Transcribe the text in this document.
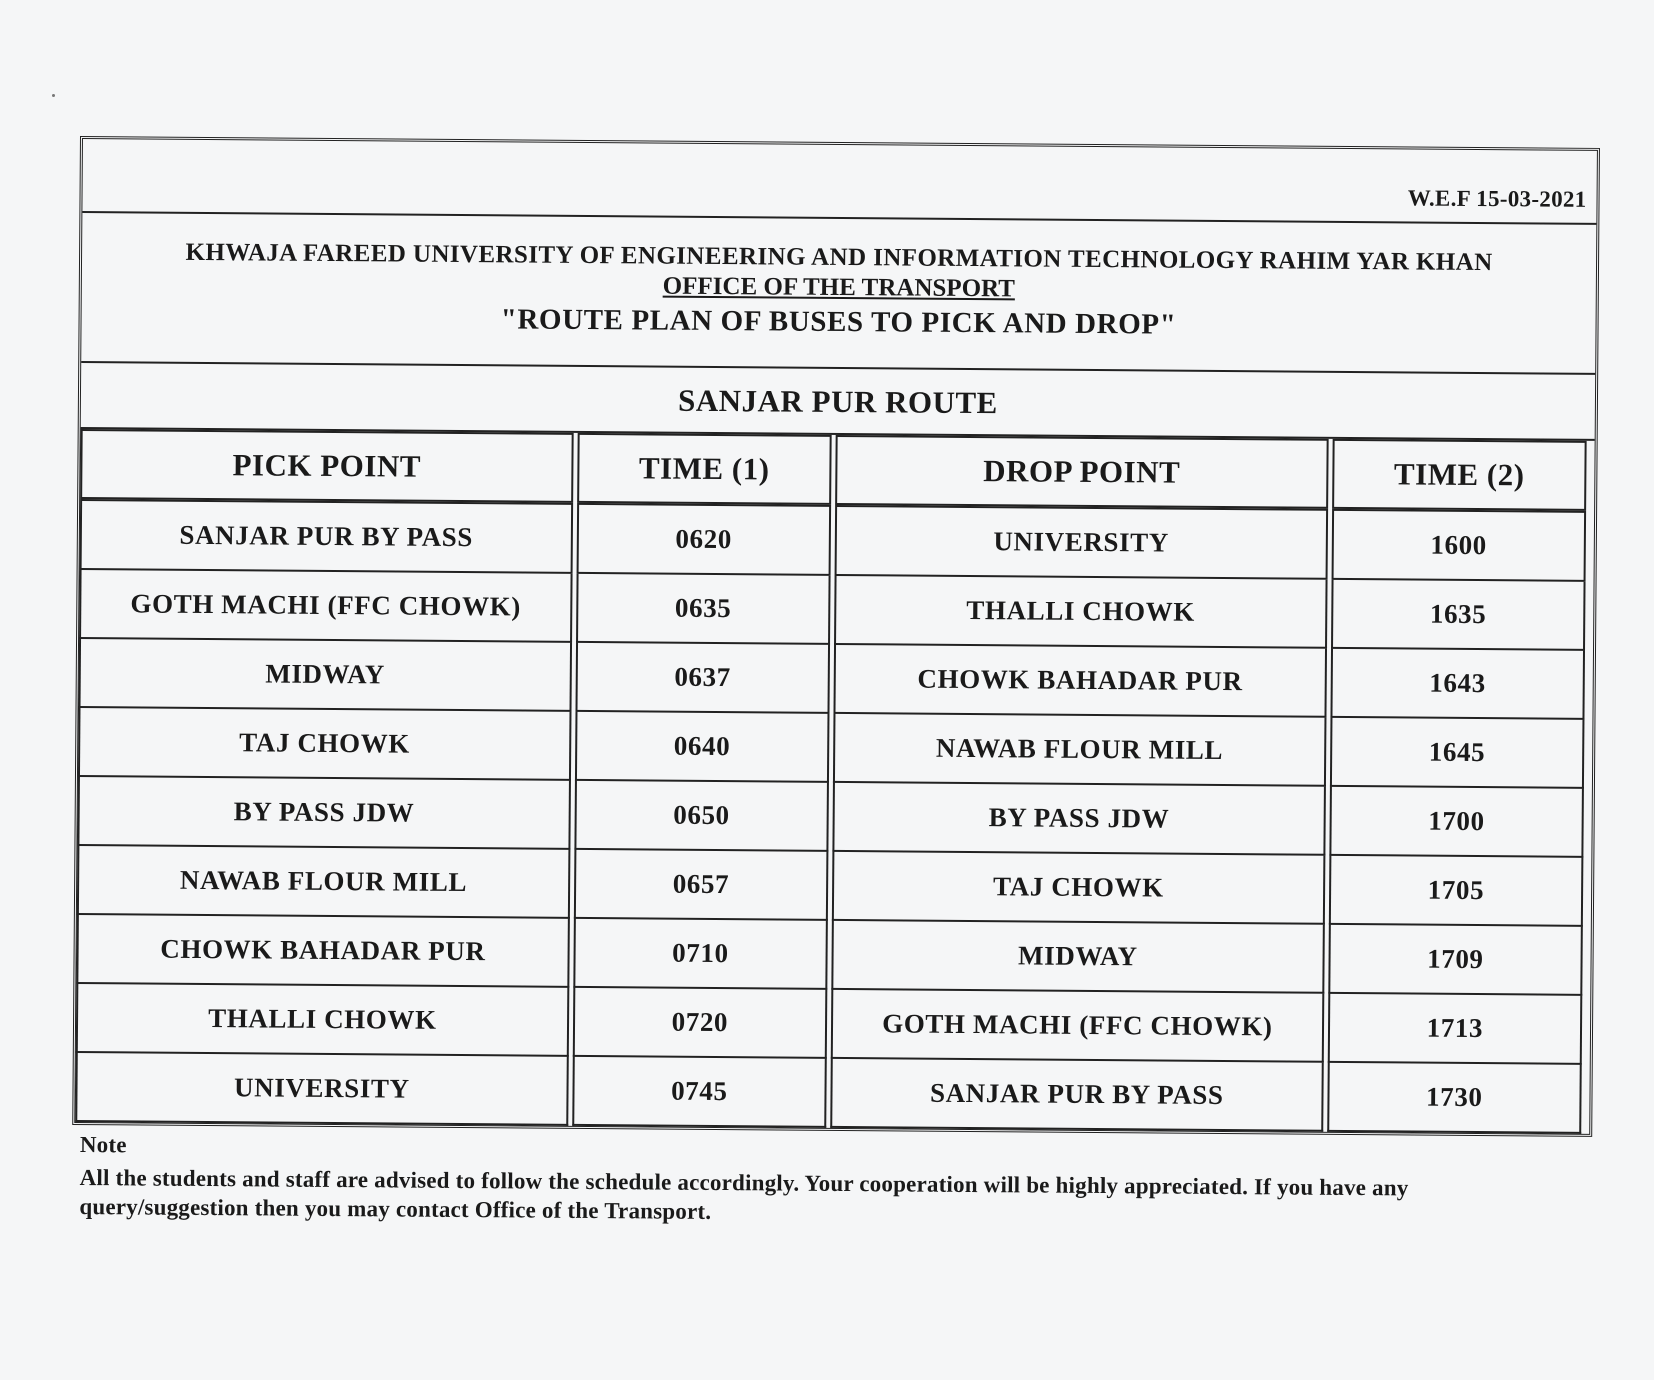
W.E.F 15-03-2021
KHWAJA FAREED UNIVERSITY OF ENGINEERING AND INFORMATION TECHNOLOGY RAHIM YAR KHAN
OFFICE OF THE TRANSPORT
"ROUTE PLAN OF BUSES TO PICK AND DROP"
SANJAR PUR ROUTE
PICK POINT	TIME (1)	DROP POINT	TIME (2)
SANJAR PUR BY PASS	0620	UNIVERSITY	1600
GOTH MACHI (FFC CHOWK)	0635	THALLI CHOWK	1635
MIDWAY	0637	CHOWK BAHADAR PUR	1643
TAJ CHOWK	0640	NAWAB FLOUR MILL	1645
BY PASS JDW	0650	BY PASS JDW	1700
NAWAB FLOUR MILL	0657	TAJ CHOWK	1705
CHOWK BAHADAR PUR	0710	MIDWAY	1709
THALLI CHOWK	0720	GOTH MACHI (FFC CHOWK)	1713
UNIVERSITY	0745	SANJAR PUR BY PASS	1730
Note
All the students and staff are advised to follow the schedule accordingly. Your cooperation will be highly appreciated. If you have any query/suggestion then you may contact Office of the Transport.
